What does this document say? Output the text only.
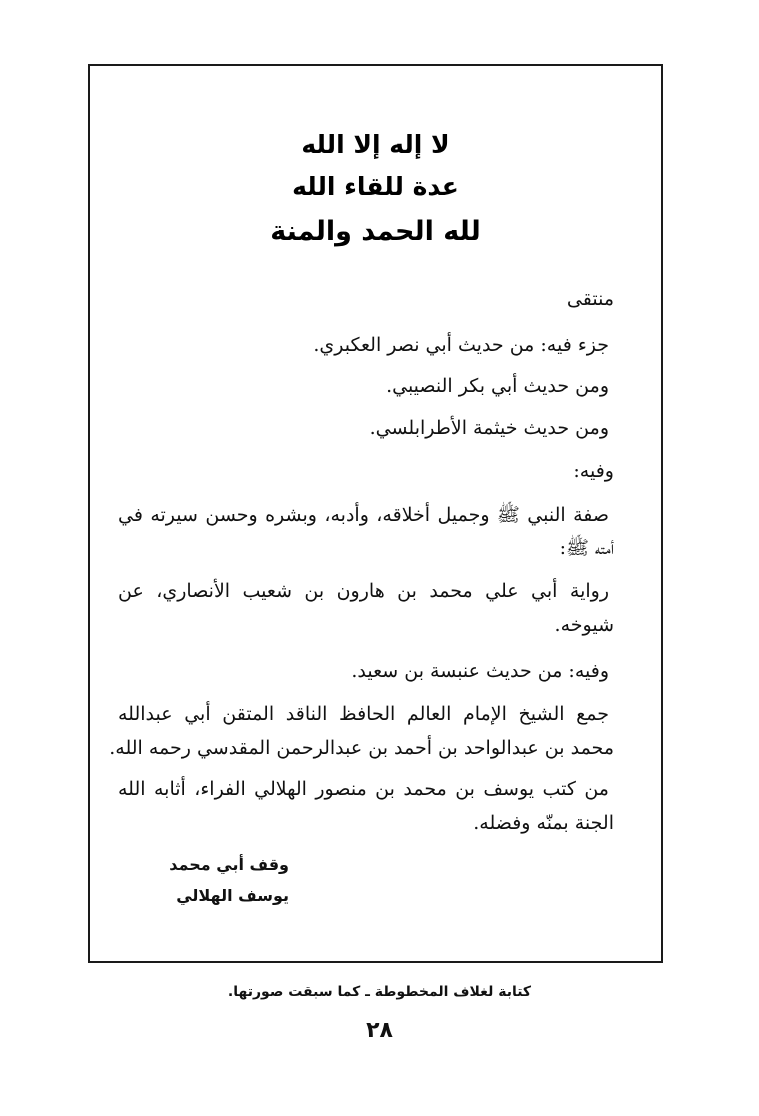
لا إله إلا الله
عدة للقاء الله
لله الحمد والمنة
منتقى
جزء فيه: من حديث أبي نصر العكبري.
ومن حديث أبي بكر النصيبي.
ومن حديث خيثمة الأطرابلسي.
وفيه:
صفة النبي ﷺ وجميل أخلاقه، وأدبه، وبشره وحسن سيرته في
أمته ﷺ:
رواية أبي علي محمد بن هارون بن شعيب الأنصاري، عن
شيوخه.
وفيه: من حديث عنبسة بن سعيد.
جمع الشيخ الإمام العالم الحافظ الناقد المتقن أبي عبدالله
محمد بن عبدالواحد بن أحمد بن عبدالرحمن المقدسي رحمه الله.
من كتب يوسف بن محمد بن منصور الهلالي الفراء، أثابه الله
الجنة بمنّه وفضله.
وقف أبي محمد
يوسف الهلالي
كتابة لغلاف المخطوطة ـ كما سبقت صورتها.
٢٨
